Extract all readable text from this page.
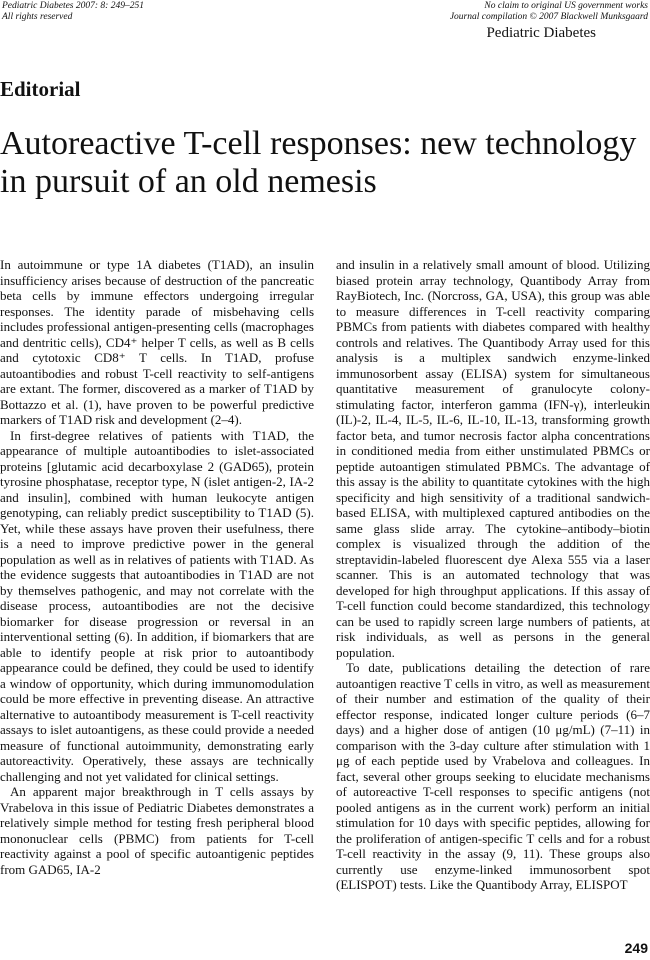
Pediatric Diabetes 2007: 8: 249–251
All rights reserved
No claim to original US government works
Journal compilation © 2007 Blackwell Munksgaard
Pediatric Diabetes
Editorial
Autoreactive T-cell responses: new technology in pursuit of an old nemesis

In autoimmune or type 1A diabetes (T1AD), an insulin insufficiency arises because of destruction of the pancreatic beta cells by immune effectors undergoing irregular responses. The identity parade of misbehaving cells includes professional antigen-presenting cells (macrophages and dentritic cells), CD4⁺ helper T cells, as well as B cells and cytotoxic CD8⁺ T cells. In T1AD, profuse autoantibodies and robust T-cell reactivity to self-antigens are extant. The former, discovered as a marker of T1AD by Bottazzo et al. (1), have proven to be powerful predictive markers of T1AD risk and development (2–4).

In first-degree relatives of patients with T1AD, the appearance of multiple autoantibodies to islet-associated proteins [glutamic acid decarboxylase 2 (GAD65), protein tyrosine phosphatase, receptor type, N (islet antigen-2, IA-2 and insulin], combined with human leukocyte antigen genotyping, can reliably predict susceptibility to T1AD (5). Yet, while these assays have proven their usefulness, there is a need to improve predictive power in the general population as well as in relatives of patients with T1AD. As the evidence suggests that autoantibodies in T1AD are not by themselves pathogenic, and may not correlate with the disease process, autoantibodies are not the decisive biomarker for disease progression or reversal in an interventional setting (6). In addition, if biomarkers that are able to identify people at risk prior to autoantibody appearance could be defined, they could be used to identify a window of opportunity, which during immunomodulation could be more effective in preventing disease. An attractive alternative to autoantibody measurement is T-cell reactivity assays to islet autoantigens, as these could provide a needed measure of functional autoimmunity, demonstrating early autoreactivity. Operatively, these assays are technically challenging and not yet validated for clinical settings.

An apparent major breakthrough in T cells assays by Vrabelova in this issue of Pediatric Diabetes demonstrates a relatively simple method for testing fresh peripheral blood mononuclear cells (PBMC) from patients for T-cell reactivity against a pool of specific autoantigenic peptides from GAD65, IA-2

and insulin in a relatively small amount of blood. Utilizing biased protein array technology, Quantibody Array from RayBiotech, Inc. (Norcross, GA, USA), this group was able to measure differences in T-cell reactivity comparing PBMCs from patients with diabetes compared with healthy controls and relatives. The Quantibody Array used for this analysis is a multiplex sandwich enzyme-linked immunosorbent assay (ELISA) system for simultaneous quantitative measurement of granulocyte colony-stimulating factor, interferon gamma (IFN-γ), interleukin (IL)-2, IL-4, IL-5, IL-6, IL-10, IL-13, transforming growth factor beta, and tumor necrosis factor alpha concentrations in conditioned media from either unstimulated PBMCs or peptide autoantigen stimulated PBMCs. The advantage of this assay is the ability to quantitate cytokines with the high specificity and high sensitivity of a traditional sandwich-based ELISA, with multiplexed captured antibodies on the same glass slide array. The cytokine–antibody–biotin complex is visualized through the addition of the streptavidin-labeled fluorescent dye Alexa 555 via a laser scanner. This is an automated technology that was developed for high throughput applications. If this assay of T-cell function could become standardized, this technology can be used to rapidly screen large numbers of patients, at risk individuals, as well as persons in the general population.

To date, publications detailing the detection of rare autoantigen reactive T cells in vitro, as well as measurement of their number and estimation of the quality of their effector response, indicated longer culture periods (6–7 days) and a higher dose of antigen (10 μg/mL) (7–11) in comparison with the 3-day culture after stimulation with 1 μg of each peptide used by Vrabelova and colleagues. In fact, several other groups seeking to elucidate mechanisms of autoreactive T-cell responses to specific antigens (not pooled antigens as in the current work) perform an initial stimulation for 10 days with specific peptides, allowing for the proliferation of antigen-specific T cells and for a robust T-cell reactivity in the assay (9, 11). These groups also currently use enzyme-linked immunosorbent spot (ELISPOT) tests. Like the Quantibody Array, ELISPOT

249
